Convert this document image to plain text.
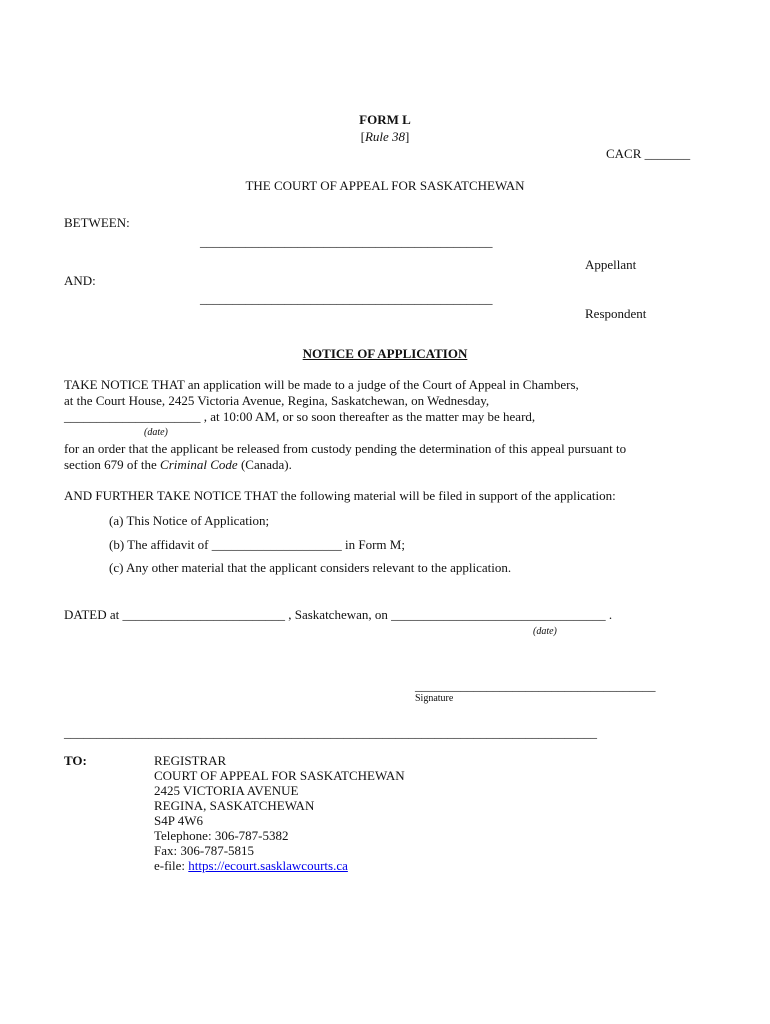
FORM L
[Rule 38]
CACR _______
THE COURT OF APPEAL FOR SASKATCHEWAN
BETWEEN:
_____________________________________________
Appellant
AND:
_____________________________________________
Respondent
NOTICE OF APPLICATION
TAKE NOTICE THAT an application will be made to a judge of the Court of Appeal in Chambers,
at the Court House, 2425 Victoria Avenue, Regina, Saskatchewan, on Wednesday,
_____________________ , at 10:00 AM, or so soon thereafter as the matter may be heard,
(date)
for an order that the applicant be released from custody pending the determination of this appeal pursuant to
section 679 of the Criminal Code (Canada).
AND FURTHER TAKE NOTICE THAT the following material will be filed in support of the application:
(a) This Notice of Application;
(b) The affidavit of ____________________ in Form M;
(c) Any other material that the applicant considers relevant to the application.
DATED at _________________________ , Saskatchewan, on _________________________________ .
(date)
_____________________________________
Signature
__________________________________________________________________________________
TO:	REGISTRAR
COURT OF APPEAL FOR SASKATCHEWAN
2425 VICTORIA AVENUE
REGINA, SASKATCHEWAN
S4P 4W6
Telephone: 306-787-5382
Fax: 306-787-5815
e-file: https://ecourt.sasklawcourts.ca
